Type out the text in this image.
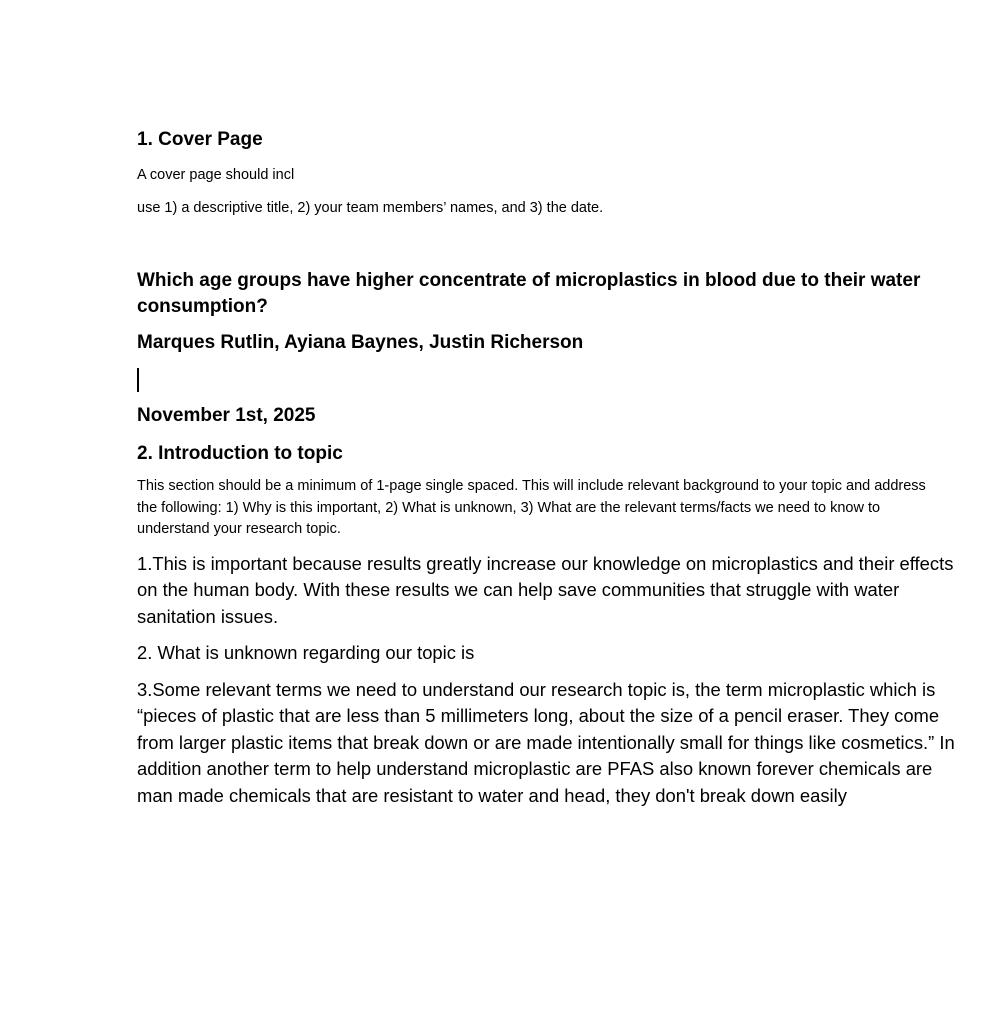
1. Cover Page
A cover page should incl
use 1) a descriptive title, 2) your team members’ names, and 3) the date.
Which age groups have higher concentrate of microplastics in blood due to their water
consumption?
Marques Rutlin, Ayiana Baynes, Justin Richerson
November 1st, 2025
2. Introduction to topic
This section should be a minimum of 1-page single spaced. This will include relevant background to your topic and address
the following: 1) Why is this important, 2) What is unknown, 3) What are the relevant terms/facts we need to know to
understand your research topic.
1.This is important because results greatly increase our knowledge on microplastics and their effects
on the human body. With these results we can help save communities that struggle with water
sanitation issues.
2. What is unknown regarding our topic is
3.Some relevant terms we need to understand our research topic is, the term microplastic which is
“pieces of plastic that are less than 5 millimeters long, about the size of a pencil eraser. They come
from larger plastic items that break down or are made intentionally small for things like cosmetics.” In
addition another term to help understand microplastic are PFAS also known forever chemicals are
man made chemicals that are resistant to water and head, they don't break down easily
